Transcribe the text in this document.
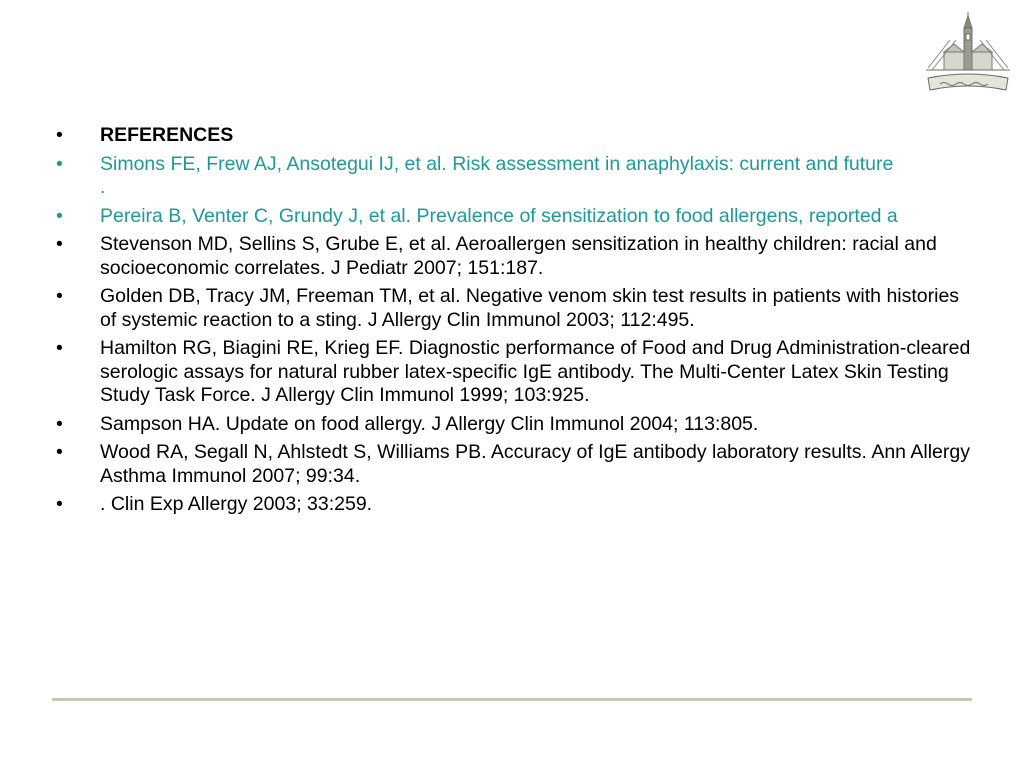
•	REFERENCES
•	Simons FE, Frew AJ, Ansotegui IJ, et al. Risk assessment in anaphylaxis: current and future
.
•	Pereira B, Venter C, Grundy J, et al. Prevalence of sensitization to food allergens, reported a
•	Stevenson MD, Sellins S, Grube E, et al. Aeroallergen sensitization in healthy children: racial and socioeconomic correlates. J Pediatr 2007; 151:187.
•	Golden DB, Tracy JM, Freeman TM, et al. Negative venom skin test results in patients with histories of systemic reaction to a sting. J Allergy Clin Immunol 2003; 112:495.
•	Hamilton RG, Biagini RE, Krieg EF. Diagnostic performance of Food and Drug Administration-cleared serologic assays for natural rubber latex-specific IgE antibody. The Multi-Center Latex Skin Testing Study Task Force. J Allergy Clin Immunol 1999; 103:925.
•	Sampson HA. Update on food allergy. J Allergy Clin Immunol 2004; 113:805.
•	Wood RA, Segall N, Ahlstedt S, Williams PB. Accuracy of IgE antibody laboratory results. Ann Allergy Asthma Immunol 2007; 99:34.
•	. Clin Exp Allergy 2003; 33:259.
